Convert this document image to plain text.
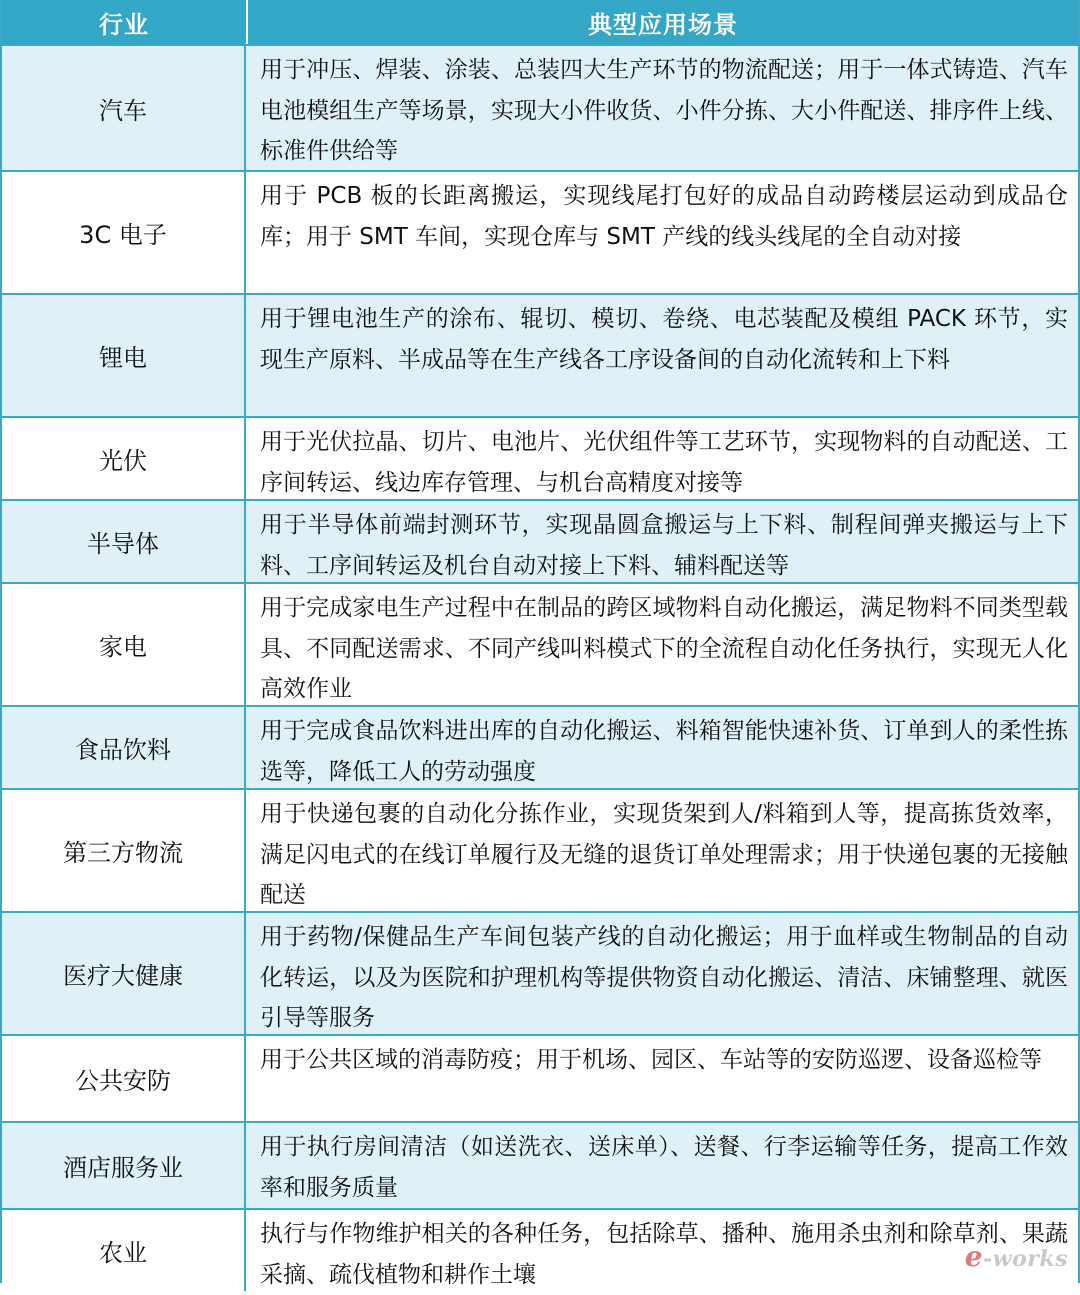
行业	典型应用场景
汽车
用于冲压、焊装、涂装、总装四大生产环节的物流配送；用于一体式铸造、汽车电池模组生产等场景，实现大小件收货、小件分拣、大小件配送、排序件上线、标准件供给等
3C 电子
用于 PCB 板的长距离搬运，实现线尾打包好的成品自动跨楼层运动到成品仓库；用于 SMT 车间，实现仓库与 SMT 产线的线头线尾的全自动对接
锂电
用于锂电池生产的涂布、辊切、模切、卷绕、电芯装配及模组 PACK 环节，实现生产原料、半成品等在生产线各工序设备间的自动化流转和上下料
光伏
用于光伏拉晶、切片、电池片、光伏组件等工艺环节，实现物料的自动配送、工序间转运、线边库存管理、与机台高精度对接等
半导体
用于半导体前端封测环节，实现晶圆盒搬运与上下料、制程间弹夹搬运与上下料、工序间转运及机台自动对接上下料、辅料配送等
家电
用于完成家电生产过程中在制品的跨区域物料自动化搬运，满足物料不同类型载具、不同配送需求、不同产线叫料模式下的全流程自动化任务执行，实现无人化高效作业
食品饮料
用于完成食品饮料进出库的自动化搬运、料箱智能快速补货、订单到人的柔性拣选等，降低工人的劳动强度
第三方物流
用于快递包裹的自动化分拣作业，实现货架到人/料箱到人等，提高拣货效率，满足闪电式的在线订单履行及无缝的退货订单处理需求；用于快递包裹的无接触配送
医疗大健康
用于药物/保健品生产车间包装产线的自动化搬运；用于血样或生物制品的自动化转运，以及为医院和护理机构等提供物资自动化搬运、清洁、床铺整理、就医引导等服务
公共安防
用于公共区域的消毒防疫；用于机场、园区、车站等的安防巡逻、设备巡检等
酒店服务业
用于执行房间清洁（如送洗衣、送床单）、送餐、行李运输等任务，提高工作效率和服务质量
农业
执行与作物维护相关的各种任务，包括除草、播种、施用杀虫剂和除草剂、果蔬采摘、疏伐植物和耕作土壤
e-works
